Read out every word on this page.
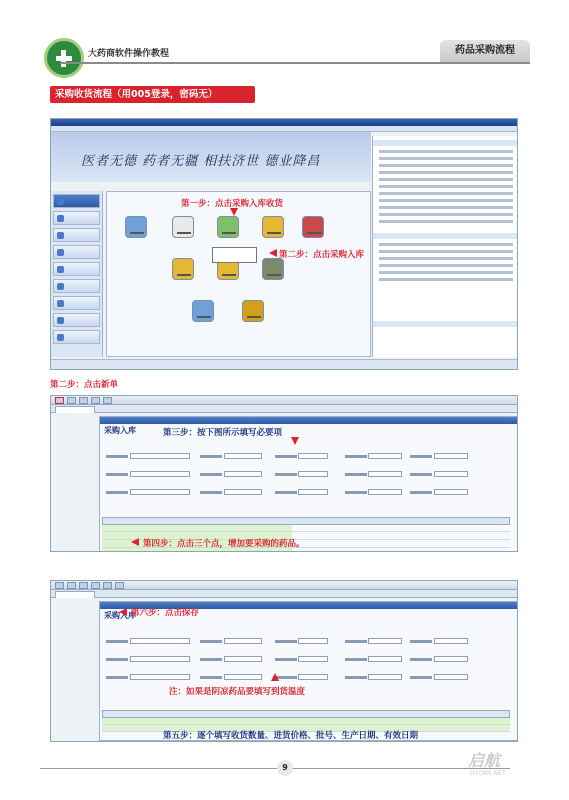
大药商软件操作教程	药品采购流程
采购收货流程（用005登录，密码无）
医者无德 药者无疆 相扶济世 德业降昌
第一步：点击采购入库收货
第二步：点击采购入库
第二步：点击新单
采购入库	第三步：按下图所示填写必要项
第四步：点击三个点，增加要采购的药品。
采购入库
第六步：点击保存
注：如果是阴凉药品要填写到货温度
第五步：逐个填写收货数量、进货价格、批号、生产日期、有效日期
9	启航
DTCMS.NET
